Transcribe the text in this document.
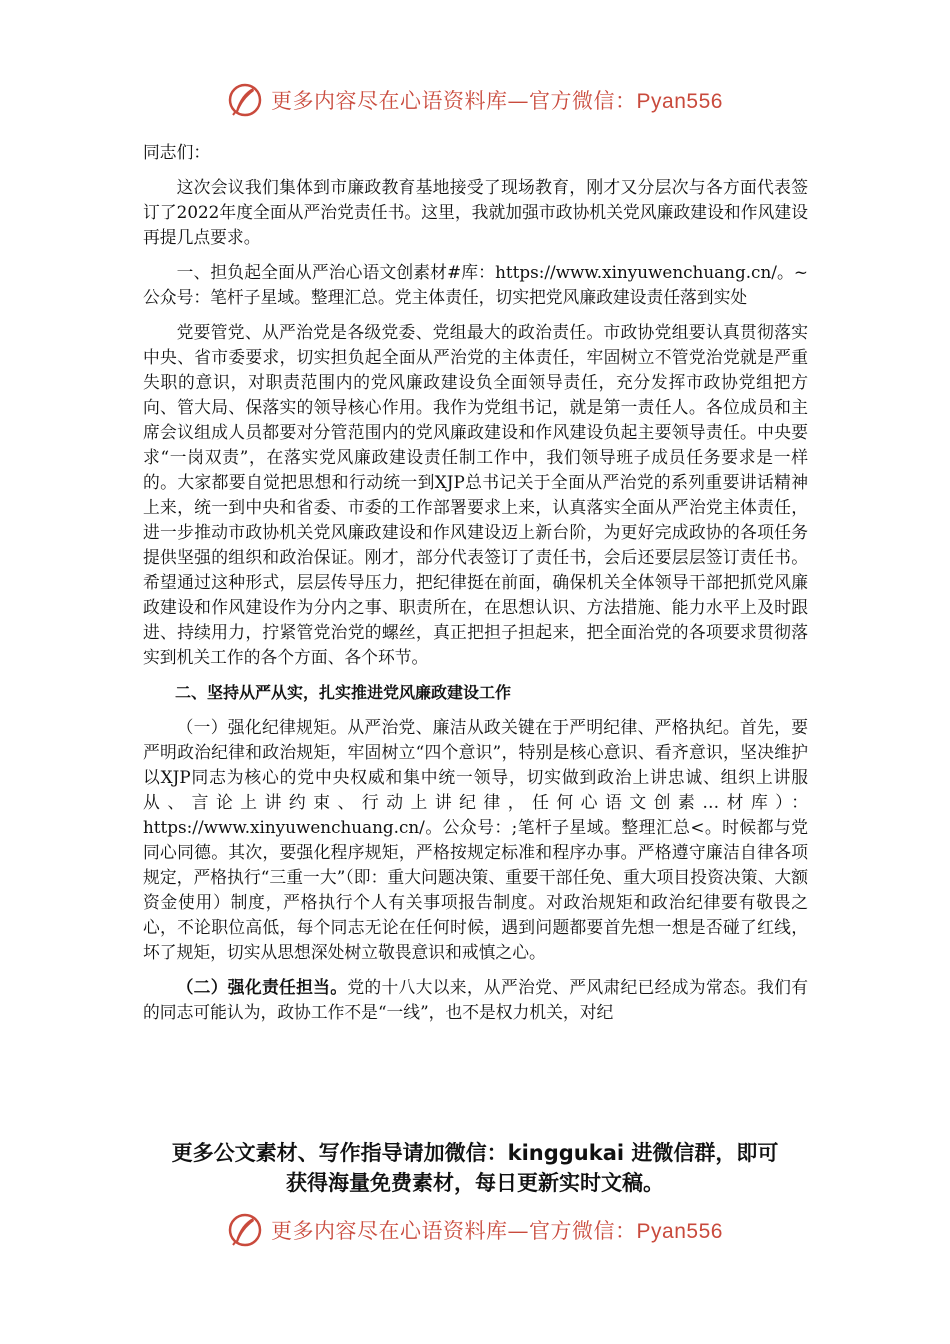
更多内容尽在心语资料库—官方微信：Pyan556

同志们：

这次会议我们集体到市廉政教育基地接受了现场教育，刚才又分层次与各方面代表签订了2022年度全面从严治党责任书。这里，我就加强市政协机关党风廉政建设和作风建设再提几点要求。

一、担负起全面从严治心语文创素材#库：https://www.xinyuwenchuang.cn/。~公众号：笔杆子星域。整理汇总。党主体责任，切实把党风廉政建设责任落到实处

党要管党、从严治党是各级党委、党组最大的政治责任。市政协党组要认真贯彻落实中央、省市委要求，切实担负起全面从严治党的主体责任，牢固树立不管党治党就是严重失职的意识，对职责范围内的党风廉政建设负全面领导责任，充分发挥市政协党组把方向、管大局、保落实的领导核心作用。我作为党组书记，就是第一责任人。各位成员和主席会议组成人员都要对分管范围内的党风廉政建设和作风建设负起主要领导责任。中央要求“一岗双责”，在落实党风廉政建设责任制工作中，我们领导班子成员任务要求是一样的。大家都要自觉把思想和行动统一到XJP总书记关于全面从严治党的系列重要讲话精神上来，统一到中央和省委、市委的工作部署要求上来，认真落实全面从严治党主体责任，进一步推动市政协机关党风廉政建设和作风建设迈上新台阶，为更好完成政协的各项任务提供坚强的组织和政治保证。刚才，部分代表签订了责任书，会后还要层层签订责任书。希望通过这种形式，层层传导压力，把纪律挺在前面，确保机关全体领导干部把抓党风廉政建设和作风建设作为分内之事、职责所在，在思想认识、方法措施、能力水平上及时跟进、持续用力，拧紧管党治党的螺丝，真正把担子担起来，把全面治党的各项要求贯彻落实到机关工作的各个方面、各个环节。

二、坚持从严从实，扎实推进党风廉政建设工作

（一）强化纪律规矩。从严治党、廉洁从政关键在于严明纪律、严格执纪。首先，要严明政治纪律和政治规矩，牢固树立“四个意识”，特别是核心意识、看齐意识，坚决维护以XJP同志为核心的党中央权威和集中统一领导，切实做到政治上讲忠诚、组织上讲服从、言论上讲约束、行动上讲纪律，任何心语文创素…材库）：https://www.xinyuwenchuang.cn/。公众号：;笔杆子星域。整理汇总<。时候都与党同心同德。其次，要强化程序规矩，严格按规定标准和程序办事。严格遵守廉洁自律各项规定，严格执行“三重一大”（即：重大问题决策、重要干部任免、重大项目投资决策、大额资金使用）制度，严格执行个人有关事项报告制度。对政治规矩和政治纪律要有敬畏之心，不论职位高低，每个同志无论在任何时候，遇到问题都要首先想一想是否碰了红线，坏了规矩，切实从思想深处树立敬畏意识和戒慎之心。

（二）强化责任担当。党的十八大以来，从严治党、严风肃纪已经成为常态。我们有的同志可能认为，政协工作不是“一线”，也不是权力机关，对纪

更多公文素材、写作指导请加微信：kinggukai 进微信群，即可
获得海量免费素材，每日更新实时文稿。
更多内容尽在心语资料库—官方微信：Pyan556
